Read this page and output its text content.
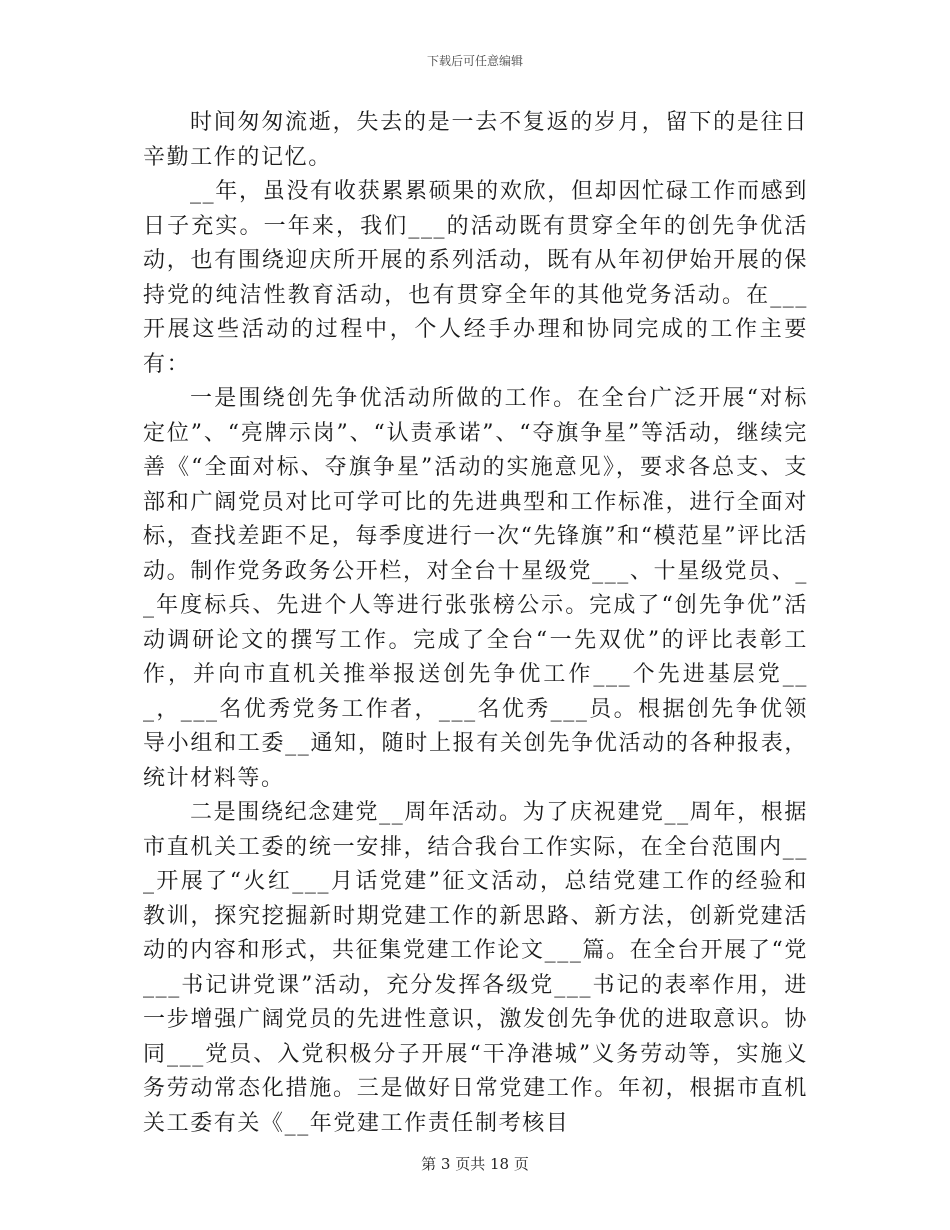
下载后可任意编辑

时间匆匆流逝，失去的是一去不复返的岁月，留下的是往日辛勤工作的记忆。

__年，虽没有收获累累硕果的欢欣，但却因忙碌工作而感到日子充实。一年来，我们___的活动既有贯穿全年的创先争优活动，也有围绕迎庆所开展的系列活动，既有从年初伊始开展的保持党的纯洁性教育活动，也有贯穿全年的其他党务活动。在___开展这些活动的过程中，个人经手办理和协同完成的工作主要有：

一是围绕创先争优活动所做的工作。在全台广泛开展“对标定位”、“亮牌示岗”、“认责承诺”、“夺旗争星”等活动，继续完善《“全面对标、夺旗争星”活动的实施意见》，要求各总支、支部和广阔党员对比可学可比的先进典型和工作标准，进行全面对标，查找差距不足，每季度进行一次“先锋旗”和“模范星”评比活动。制作党务政务公开栏，对全台十星级党___、十星级党员、__年度标兵、先进个人等进行张张榜公示。完成了“创先争优”活动调研论文的撰写工作。完成了全台“一先双优”的评比表彰工作，并向市直机关推举报送创先争优工作___个先进基层党___，___名优秀党务工作者，___名优秀___员。根据创先争优领导小组和工委__通知，随时上报有关创先争优活动的各种报表，统计材料等。

二是围绕纪念建党__周年活动。为了庆祝建党__周年，根据市直机关工委的统一安排，结合我台工作实际，在全台范围内___开展了“火红___月话党建”征文活动，总结党建工作的经验和教训，探究挖掘新时期党建工作的新思路、新方法，创新党建活动的内容和形式，共征集党建工作论文___篇。在全台开展了“党___书记讲党课”活动，充分发挥各级党___书记的表率作用，进一步增强广阔党员的先进性意识，激发创先争优的进取意识。协同___党员、入党积极分子开展“干净港城”义务劳动等，实施义务劳动常态化措施。三是做好日常党建工作。年初，根据市直机关工委有关《__年党建工作责任制考核目

第 3 页共 18 页
